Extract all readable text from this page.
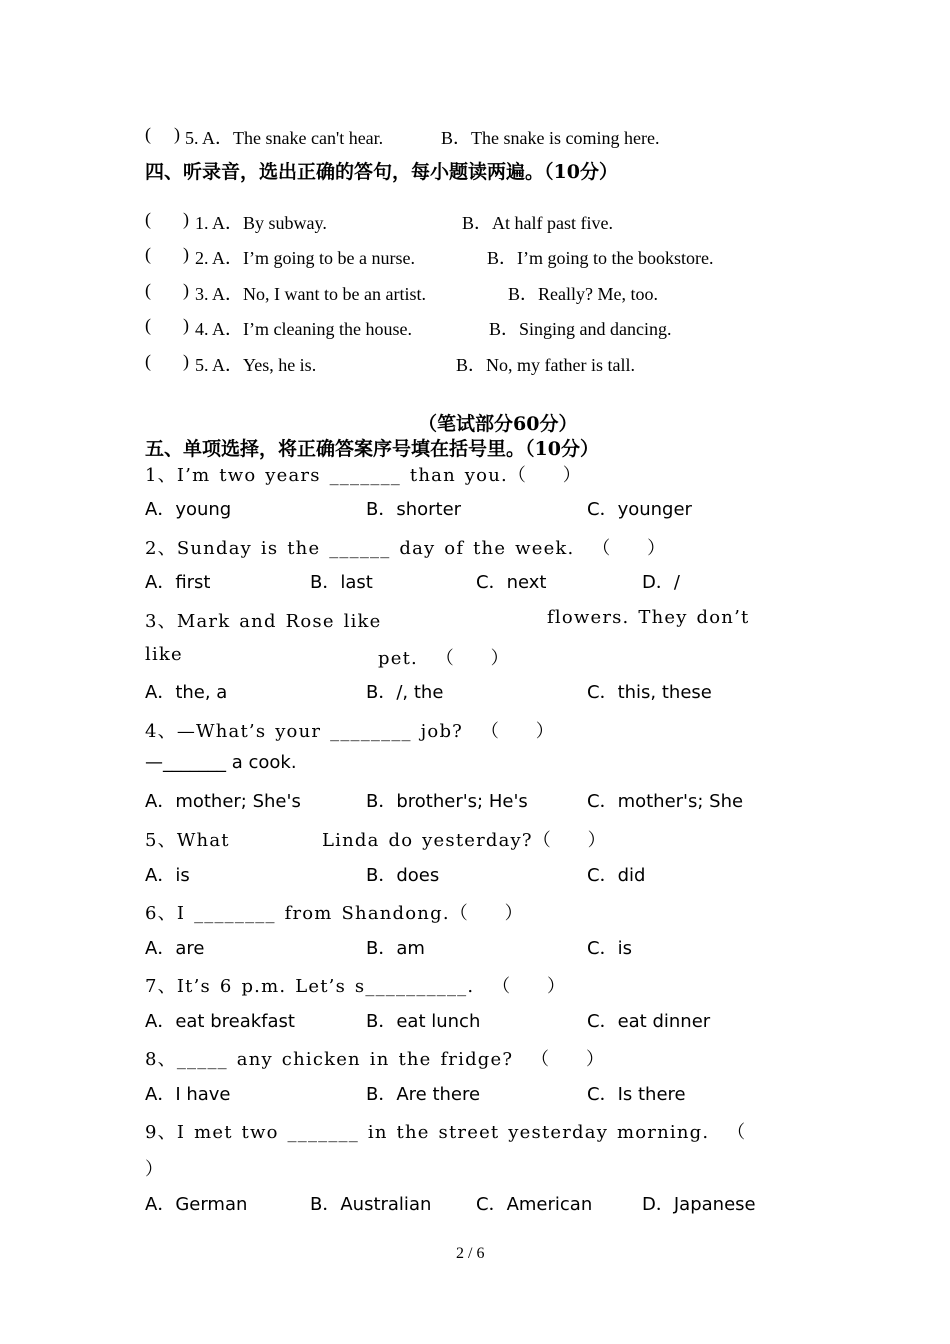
( ) 5. A．The snake can't hear.	B．The snake is coming here.
四、听录音，选出正确的答句，每小题读两遍。（10分）
( ) 1. A．By subway.	B．At half past five.
( ) 2. A．I’m going to be a nurse.	B．I’m going to the bookstore.
( ) 3. A．No, I want to be an artist.	B．Really? Me, too.
( ) 4. A．I’m cleaning the house.	B．Singing and dancing.
( ) 5. A．Yes, he is.	B．No, my father is tall.
（笔试部分60分）
五、单项选择，将正确答案序号填在括号里。（10分）
1、I’m two years _______ than you.（    ）
A．young	B．shorter	C．younger
2、Sunday is the ______ day of the week.  （    ）
A．first	B．last	C．next	D．/
3、Mark and Rose like	flowers. They don’t
like	pet.  （    ）
A．the, a	B．/, the	C．this, these
4、—What’s your ________ job?  （    ）
—_______ a cook.
A．mother; She's	B．brother's; He's	C．mother's; She
5、What	Linda do yesterday?（    ）
A．is	B．does	C．did
6、I ________ from Shandong.（    ）
A．are	B．am	C．is
7、It’s 6 p.m. Let’s s__________.  （    ）
A．eat breakfast	B．eat lunch	C．eat dinner
8、_____ any chicken in the fridge?  （    ）
A．I have	B．Are there	C．Is there
9、I met two _______ in the street yesterday morning.  （
）
A．German	B．Australian C．American	D．Japanese
2 / 6
